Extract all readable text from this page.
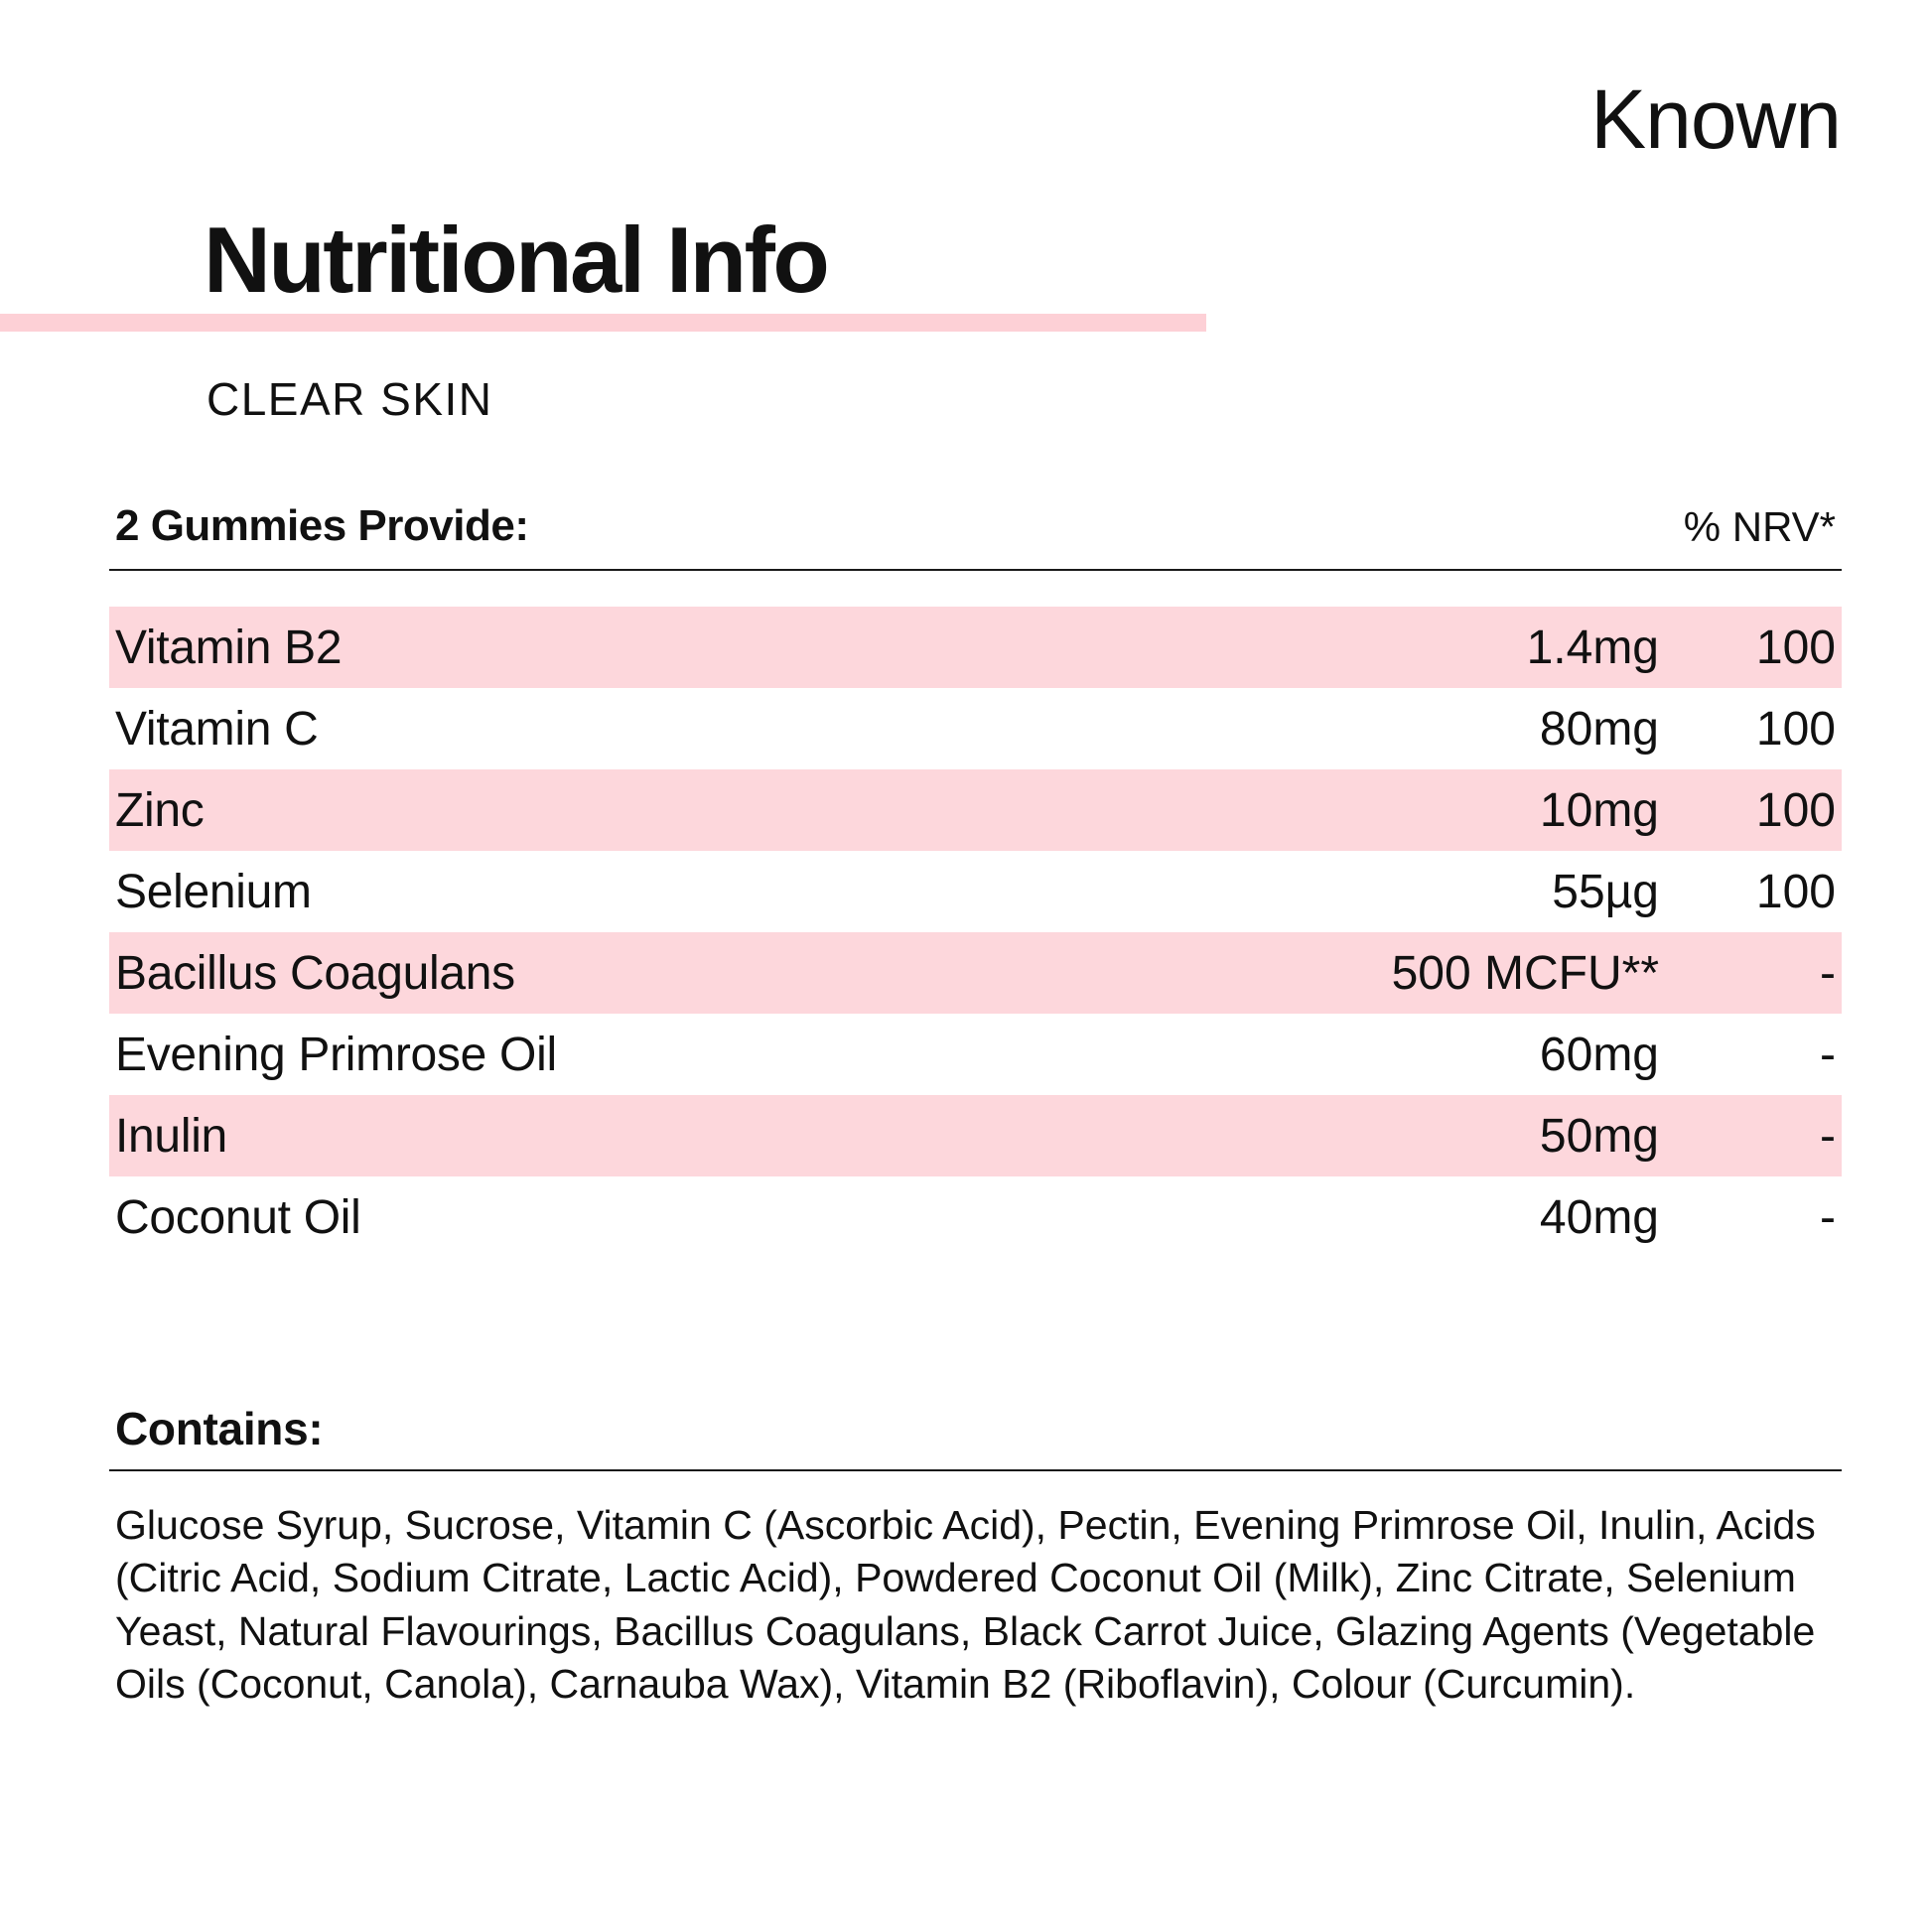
Known
Nutritional Info
CLEAR SKIN
2 Gummies Provide:	% NRV*
Vitamin B2	1.4mg	100
Vitamin C	80mg	100
Zinc	10mg	100
Selenium	55µg	100
Bacillus Coagulans	500 MCFU**	-
Evening Primrose Oil	60mg	-
Inulin	50mg	-
Coconut Oil	40mg	-
Contains:
Glucose Syrup, Sucrose, Vitamin C (Ascorbic Acid), Pectin, Evening Primrose Oil, Inulin, Acids (Citric Acid, Sodium Citrate, Lactic Acid), Powdered Coconut Oil (Milk), Zinc Citrate, Selenium Yeast, Natural Flavourings, Bacillus Coagulans, Black Carrot Juice, Glazing Agents (Vegetable Oils (Coconut, Canola), Carnauba Wax), Vitamin B2 (Riboflavin), Colour (Curcumin).
